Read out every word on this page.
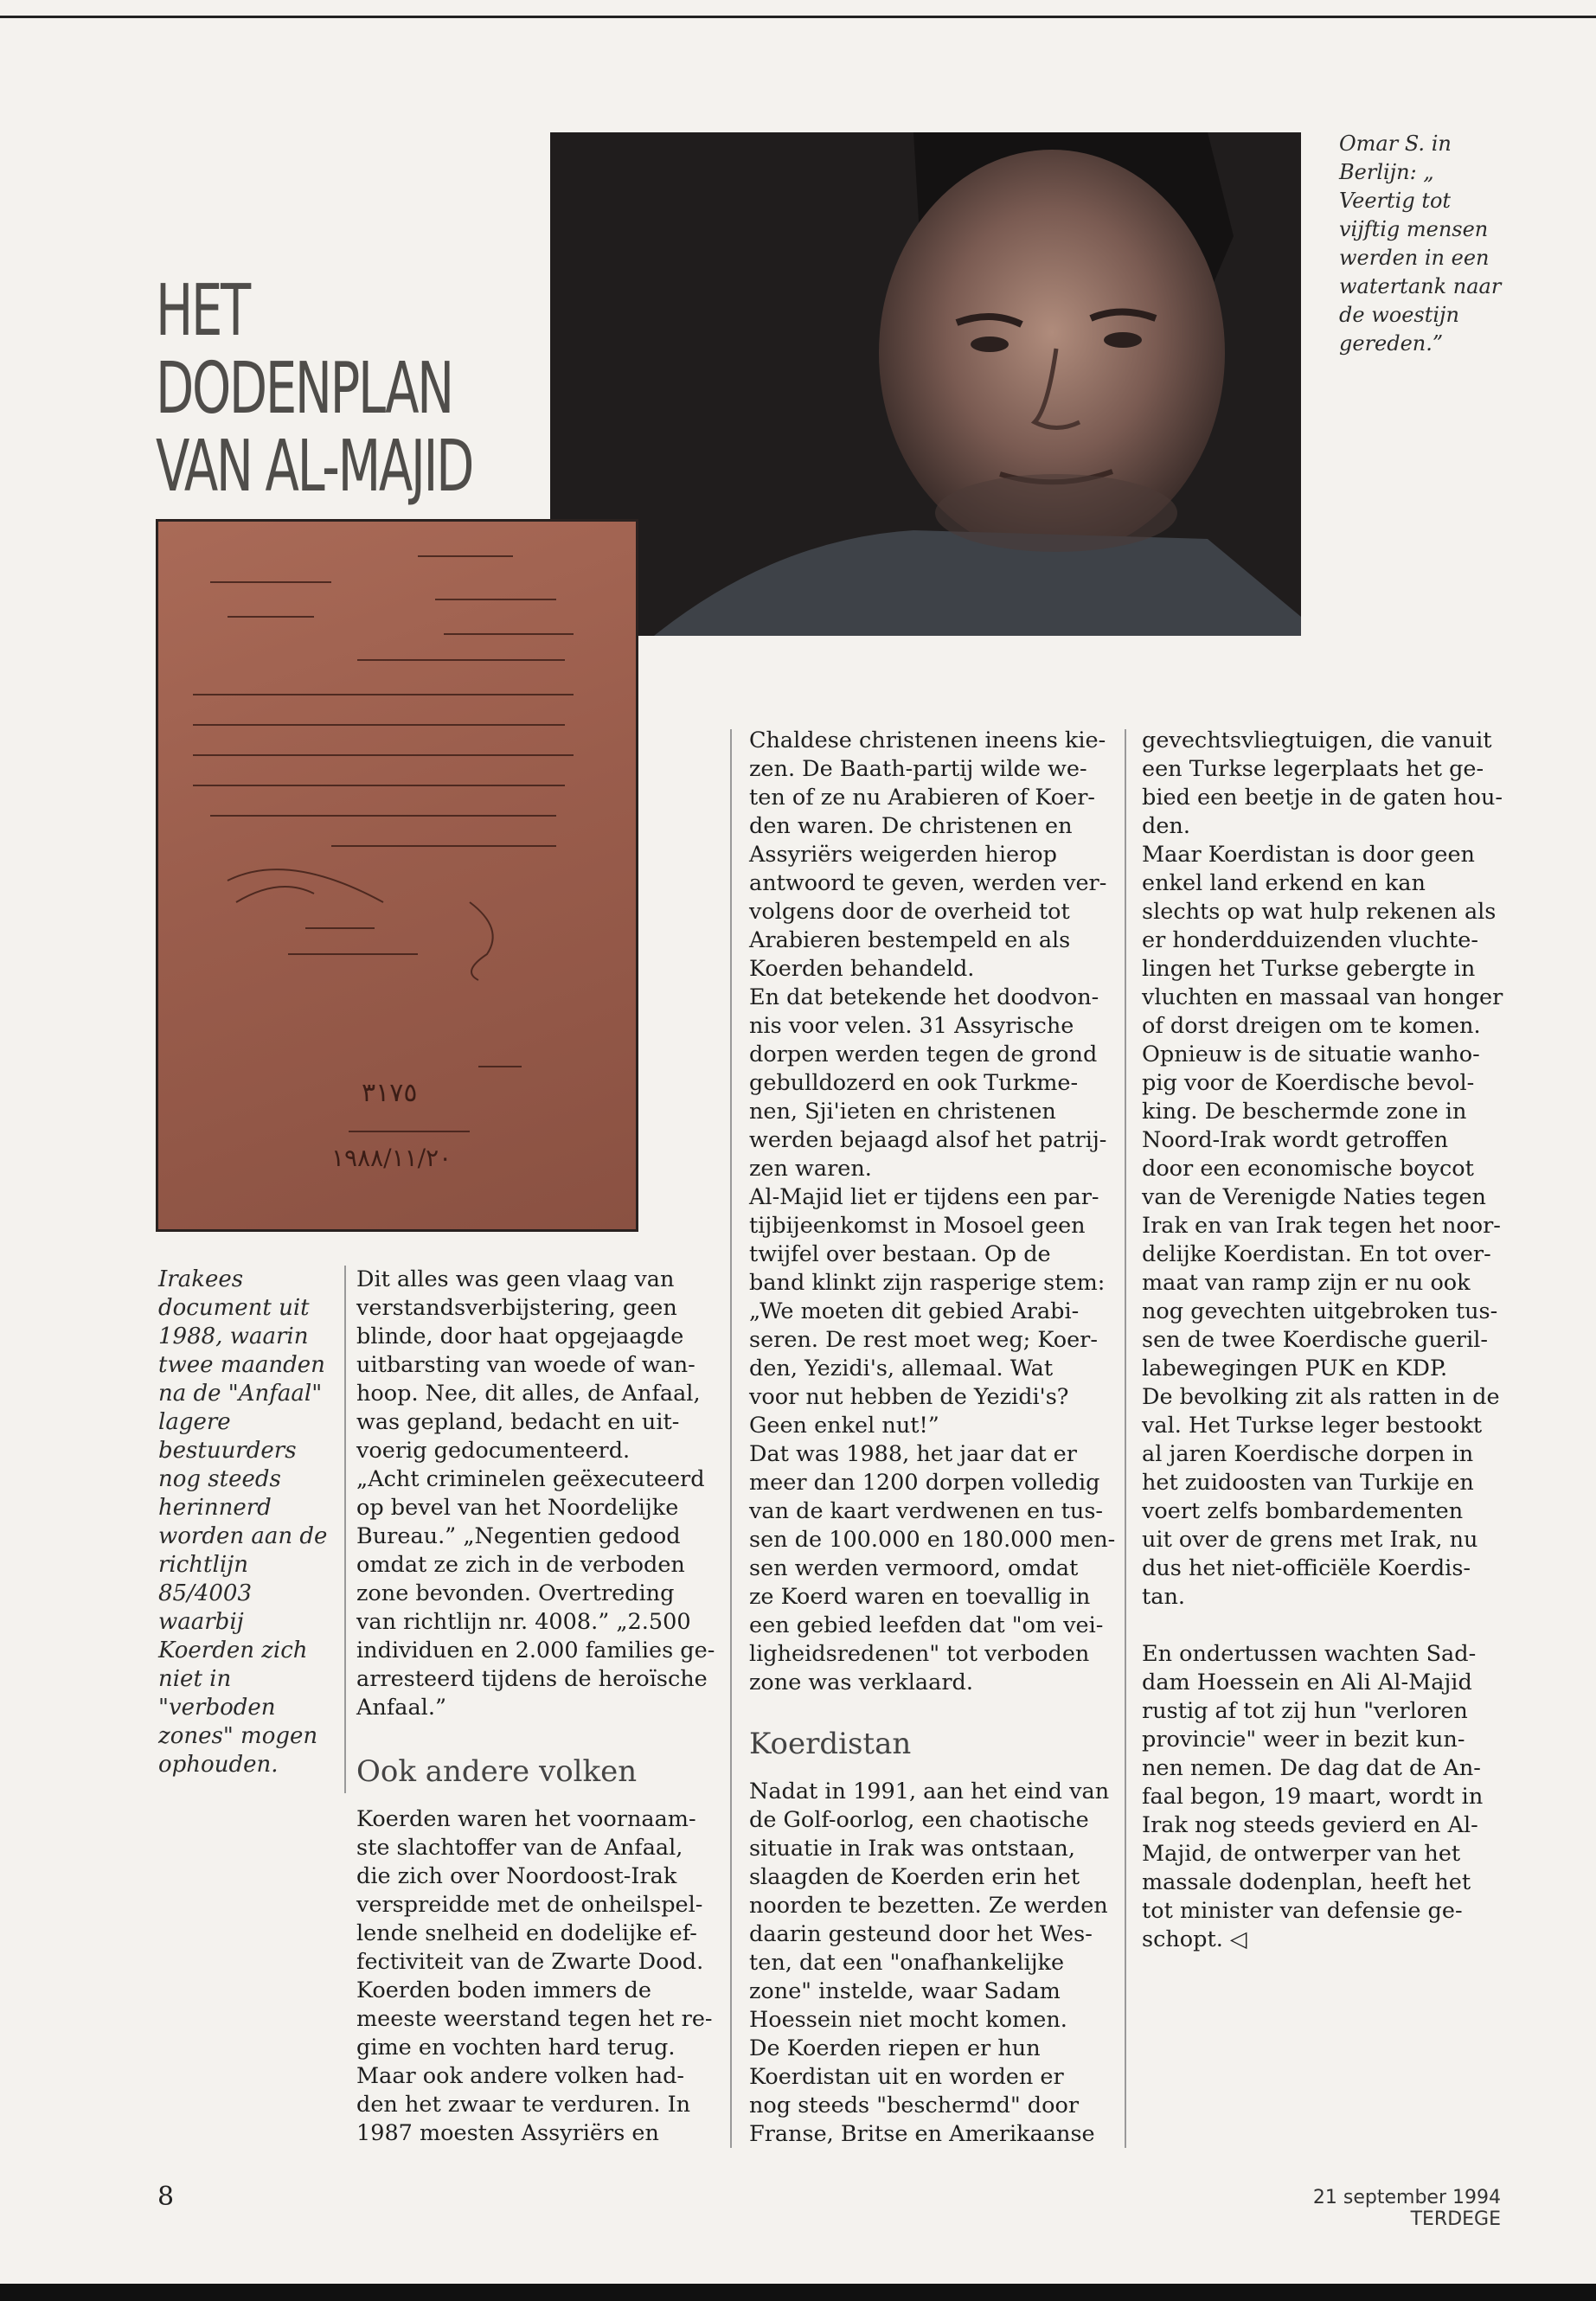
HET
DODENPLAN
VAN AL-MAJID
Omar S. in Berlijn: „ Veertig tot vijftig mensen werden in een watertank naar de woestijn gereden.”
٣١٧٥
١٩٨٨/١١/٢٠
Irakees document uit 1988, waarin twee maanden na de "Anfaal" lagere bestuurders nog steeds herinnerd worden aan de richtlijn 85/4003 waarbij Koerden zich niet in "verboden zones" mogen ophouden.
Dit alles was geen vlaag van
verstandsverbijstering, geen
blinde, door haat opgejaagde
uitbarsting van woede of wan-
hoop. Nee, dit alles, de Anfaal,
was gepland, bedacht en uit-
voerig gedocumenteerd.
„Acht criminelen geëxecuteerd
op bevel van het Noordelijke
Bureau.” „Negentien gedood
omdat ze zich in de verboden
zone bevonden. Overtreding
van richtlijn nr. 4008.” „2.500
individuen en 2.000 families ge-
arresteerd tijdens de heroïsche
Anfaal.”
Ook andere volken
Koerden waren het voornaam-
ste slachtoffer van de Anfaal,
die zich over Noordoost-Irak
verspreidde met de onheilspel-
lende snelheid en dodelijke ef-
fectiviteit van de Zwarte Dood.
Koerden boden immers de
meeste weerstand tegen het re-
gime en vochten hard terug.
Maar ook andere volken had-
den het zwaar te verduren. In
1987 moesten Assyriërs en
Chaldese christenen ineens kie-
zen. De Baath-partij wilde we-
ten of ze nu Arabieren of Koer-
den waren. De christenen en
Assyriërs weigerden hierop
antwoord te geven, werden ver-
volgens door de overheid tot
Arabieren bestempeld en als
Koerden behandeld.
En dat betekende het doodvon-
nis voor velen. 31 Assyrische
dorpen werden tegen de grond
gebulldozerd en ook Turkme-
nen, Sji'ieten en christenen
werden bejaagd alsof het patrij-
zen waren.
Al-Majid liet er tijdens een par-
tijbijeenkomst in Mosoel geen
twijfel over bestaan. Op de
band klinkt zijn rasperige stem:
„We moeten dit gebied Arabi-
seren. De rest moet weg; Koer-
den, Yezidi's, allemaal. Wat
voor nut hebben de Yezidi's?
Geen enkel nut!”
Dat was 1988, het jaar dat er
meer dan 1200 dorpen volledig
van de kaart verdwenen en tus-
sen de 100.000 en 180.000 men-
sen werden vermoord, omdat
ze Koerd waren en toevallig in
een gebied leefden dat "om vei-
ligheidsredenen" tot verboden
zone was verklaard.
Koerdistan
Nadat in 1991, aan het eind van
de Golf-oorlog, een chaotische
situatie in Irak was ontstaan,
slaagden de Koerden erin het
noorden te bezetten. Ze werden
daarin gesteund door het Wes-
ten, dat een "onafhankelijke
zone" instelde, waar Sadam
Hoessein niet mocht komen.
De Koerden riepen er hun
Koerdistan uit en worden er
nog steeds "beschermd" door
Franse, Britse en Amerikaanse
gevechtsvliegtuigen, die vanuit
een Turkse legerplaats het ge-
bied een beetje in de gaten hou-
den.
Maar Koerdistan is door geen
enkel land erkend en kan
slechts op wat hulp rekenen als
er honderdduizenden vluchte-
lingen het Turkse gebergte in
vluchten en massaal van honger
of dorst dreigen om te komen.
Opnieuw is de situatie wanho-
pig voor de Koerdische bevol-
king. De beschermde zone in
Noord-Irak wordt getroffen
door een economische boycot
van de Verenigde Naties tegen
Irak en van Irak tegen het noor-
delijke Koerdistan. En tot over-
maat van ramp zijn er nu ook
nog gevechten uitgebroken tus-
sen de twee Koerdische gueril-
labewegingen PUK en KDP.
De bevolking zit als ratten in de
val. Het Turkse leger bestookt
al jaren Koerdische dorpen in
het zuidoosten van Turkije en
voert zelfs bombardementen
uit over de grens met Irak, nu
dus het niet-officiële Koerdis-
tan.

En ondertussen wachten Sad-
dam Hoessein en Ali Al-Majid
rustig af tot zij hun "verloren
provincie" weer in bezit kun-
nen nemen. De dag dat de An-
faal begon, 19 maart, wordt in
Irak nog steeds gevierd en Al-
Majid, de ontwerper van het
massale dodenplan, heeft het
tot minister van defensie ge-
schopt. ◁
8	21 september 1994 TERDEGE
